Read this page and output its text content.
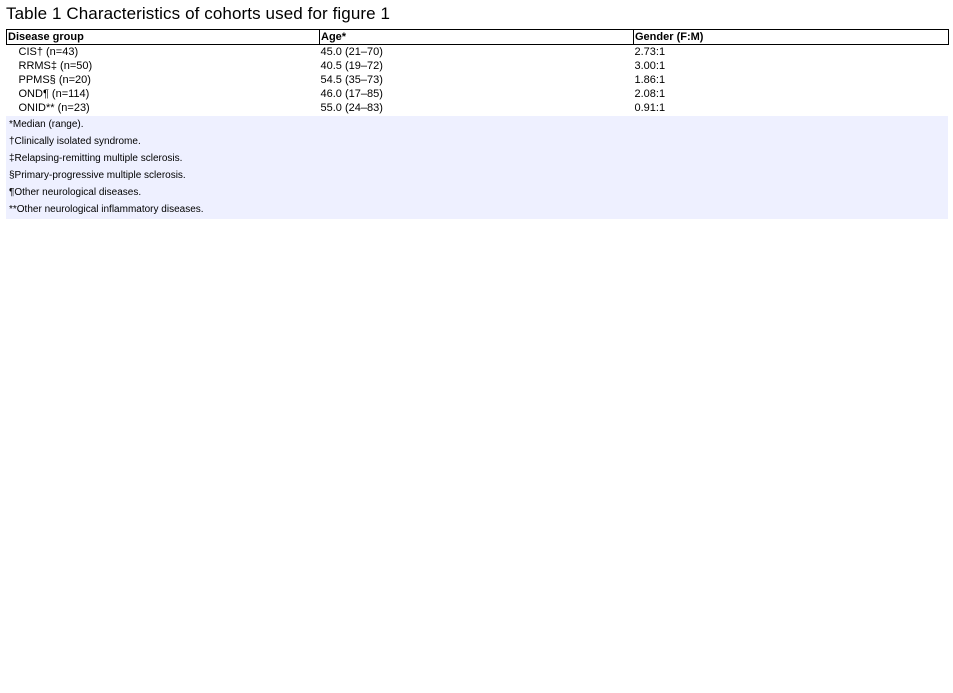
Table 1 Characteristics of cohorts used for figure 1
Disease group	Age*	Gender (F:M)
CIS† (n=43)	45.0 (21–70)	2.73:1
RRMS‡ (n=50)	40.5 (19–72)	3.00:1
PPMS§ (n=20)	54.5 (35–73)	1.86:1
OND¶ (n=114)	46.0 (17–85)	2.08:1
ONID** (n=23)	55.0 (24–83)	0.91:1
*Median (range).
†Clinically isolated syndrome.
‡Relapsing-remitting multiple sclerosis.
§Primary-progressive multiple sclerosis.
¶Other neurological diseases.
**Other neurological inflammatory diseases.
